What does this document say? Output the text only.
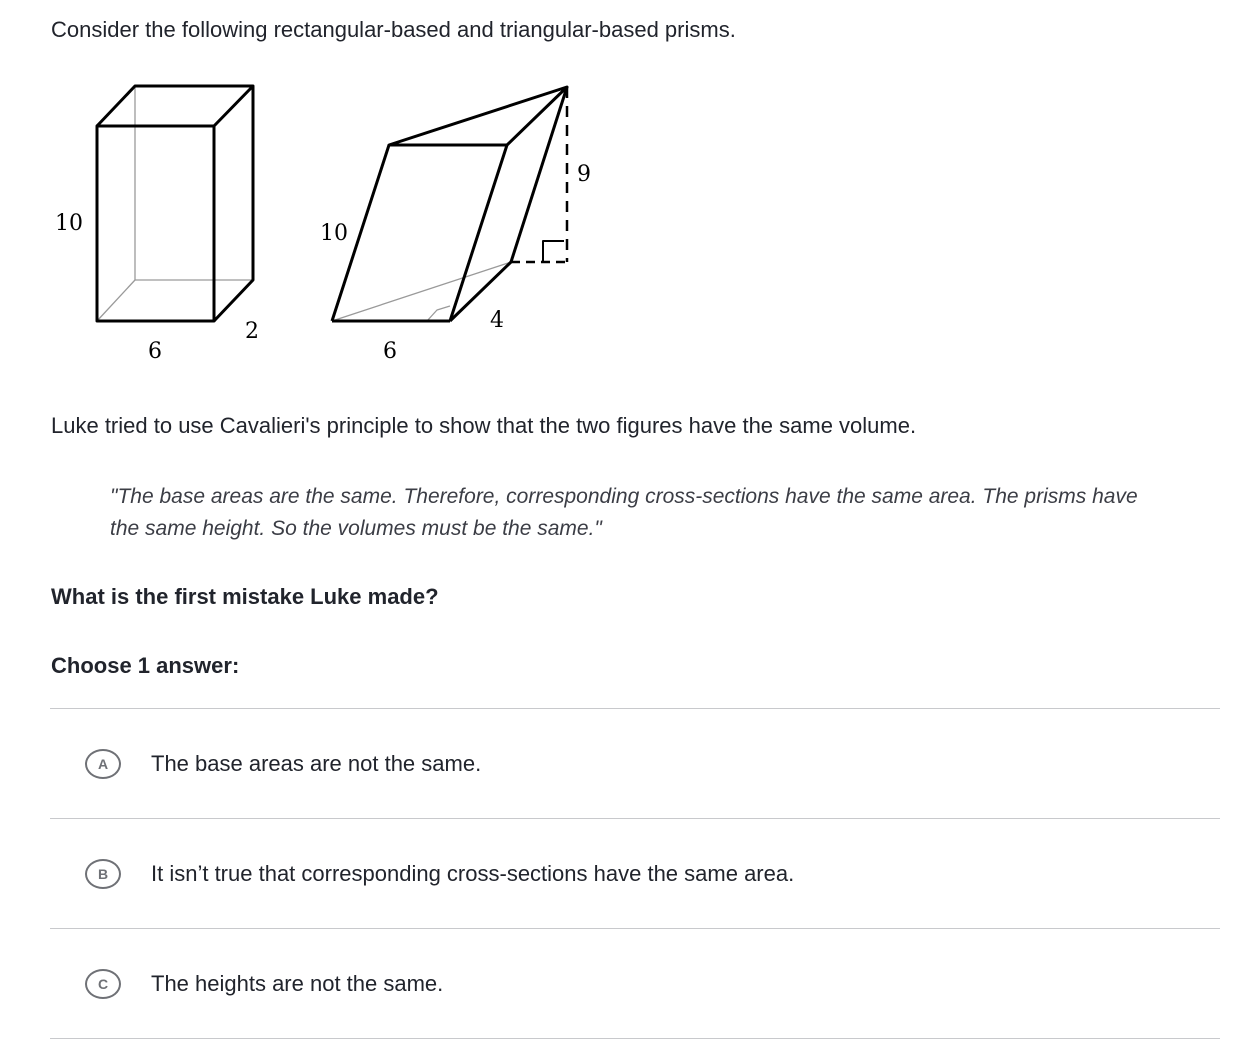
Consider the following rectangular-based and triangular-based prisms.

10
6
2
10
6
4
9

Luke tried to use Cavalieri's principle to show that the two figures have the same volume.

"The base areas are the same. Therefore, corresponding cross-sections have the same area. The prisms have the same height. So the volumes must be the same."

What is the first mistake Luke made?

Choose 1 answer:

A	The base areas are not the same.
B	It isn’t true that corresponding cross-sections have the same area.
C	The heights are not the same.
